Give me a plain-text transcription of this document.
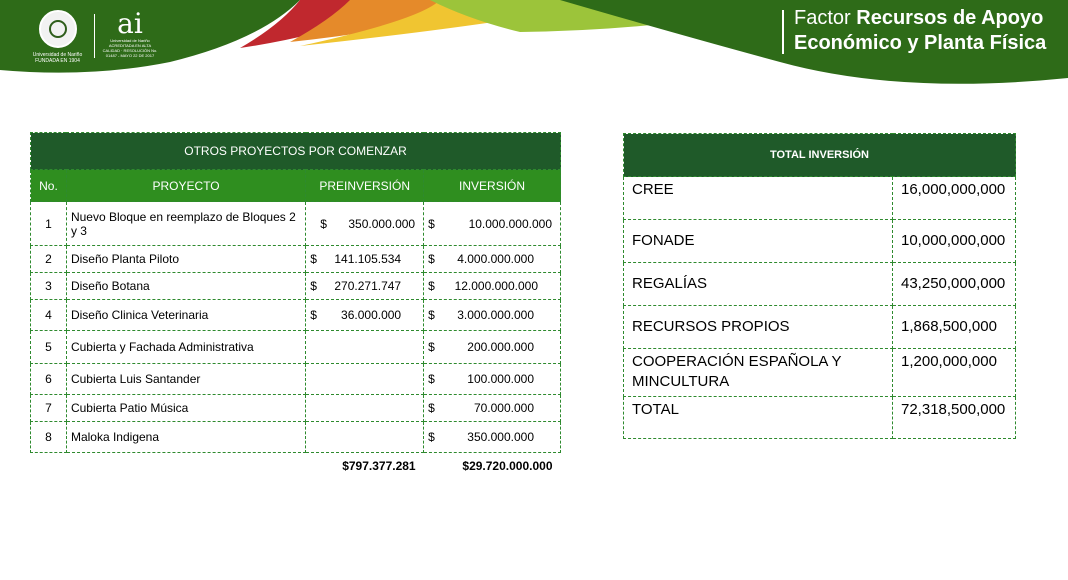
Universidad de Nariño
FUNDADA EN 1904
ai
Universidad de Nariño
ACREDITADA EN ALTA CALIDAD · RESOLUCIÓN No. 01487 - MAYO 22 DE 2017
Factor Recursos de Apoyo
Económico y Planta Física
OTROS PROYECTOS POR COMENZAR			
No.	PROYECTO	PREINVERSIÓN	INVERSIÓN
1	Nuevo Bloque en reemplazo de Bloques 2 y 3	$ 350.000.000	$ 10.000.000.000

2	Diseño Planta Piloto	$ 141.105.534	$ 4.000.000.000

3	Diseño Botana	$ 270.271.747	$ 12.000.000.000

4	Diseño Clinica Veterinaria	$ 36.000.000	$ 3.000.000.000

5	Cubierta y Fachada Administrativa		$ 200.000.000

6	Cubierta Luis Santander		$ 100.000.000

7	Cubierta Patio Música		$ 70.000.000

8	Maloka Indigena		$ 350.000.000

		$797.377.281	$29.720.000.000
TOTAL INVERSIÓN	
CREE	16,000,000,000
FONADE	10,000,000,000
REGALÍAS	43,250,000,000
RECURSOS PROPIOS	1,868,500,000
COOPERACIÓN ESPAÑOLA Y MINCULTURA	1,200,000,000
TOTAL	72,318,500,000
